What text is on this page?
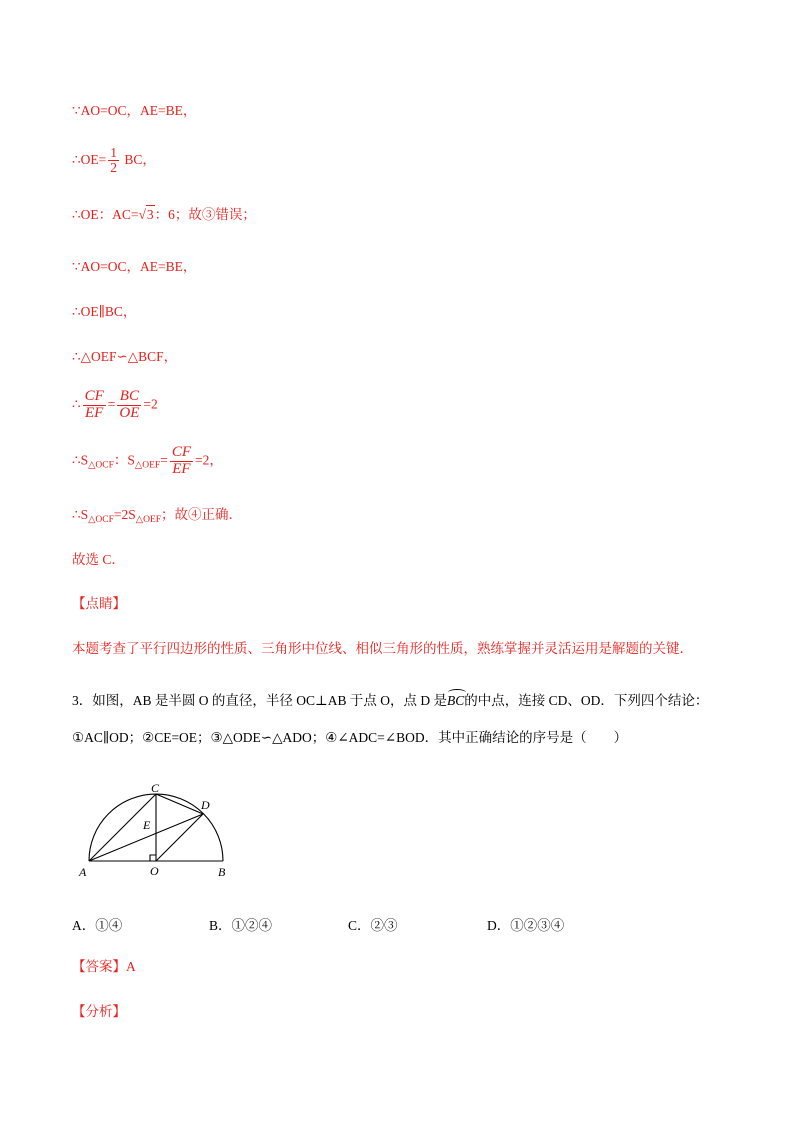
∵AO=OC，AE=BE，
∴OE= $\frac{1}{2}$ BC，
∴OE：AC=√3：6；故③错误；
∵AO=OC，AE=BE，
∴OE∥BC，
∴△OEF∽△BCF，
∴ $\frac{CF}{EF} = \frac{BC}{OE} =2$
$\therefore S_{\triangle OCF}$：$S_{\triangle OEF}= \frac{CF}{EF} =2$，
$\therefore S_{\triangle OCF}=2S_{\triangle OEF}$；故④正确．
故选 C．
【点睛】
本题考查了平行四边形的性质、三角形中位线、相似三角形的性质，熟练掌握并灵活运用是解题的关键．
3．如图，AB 是半圆 O 的直径，半径 OC⊥AB 于点 O，点 D 是
BC的中点，连接 CD、OD．下列四个结论：
①AC∥OD；②CE=OE；③△ODE∽△ADO；④∠ADC=∠BOD．其中正确结论的序号是（　　）
C
D
E
A	O	B
A．①④	B．①②④	C．②③	D．①②③④
【答案】A
【分析】
